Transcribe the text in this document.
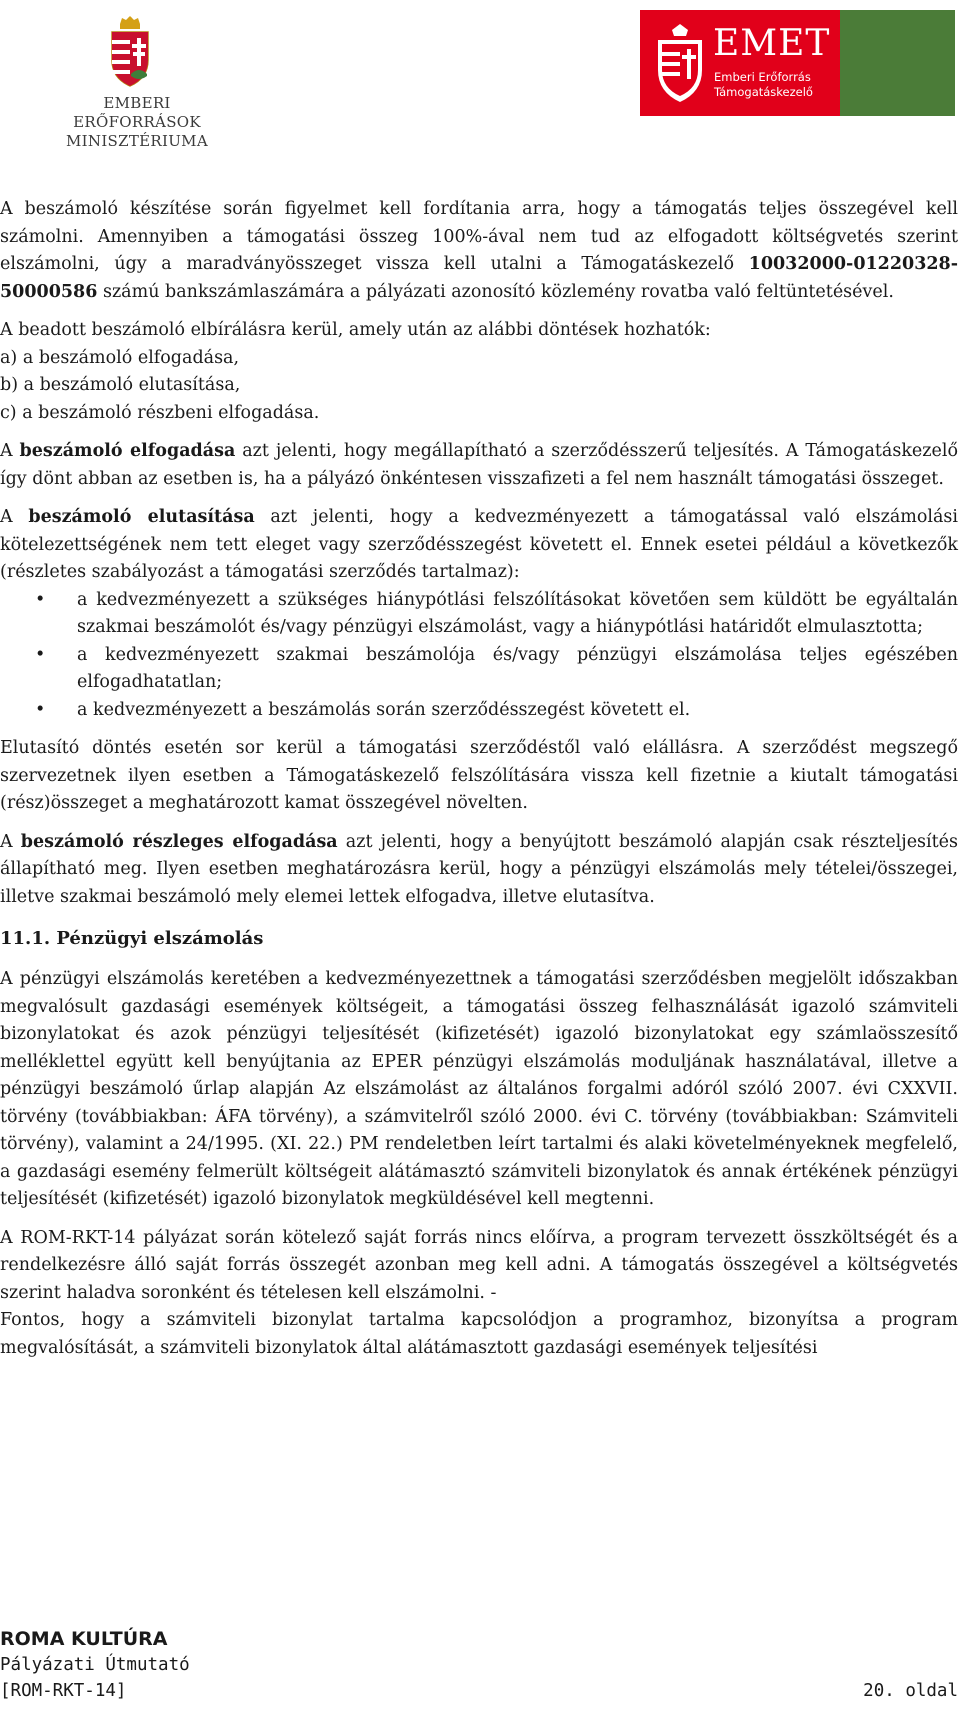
EMBERI ERŐFORRÁSOK
MINISZTÉRIUMA
EMET
Emberi Erőforrás
Támogatáskezelő

A beszámoló készítése során figyelmet kell fordítania arra, hogy a támogatás teljes összegével kell számolni. Amennyiben a támogatási összeg 100%-ával nem tud az elfogadott költségvetés szerint elszámolni, úgy a maradványösszeget vissza kell utalni a Támogatáskezelő 10032000-01220328-50000586 számú bankszámlaszámára a pályázati azonosító közlemény rovatba való feltüntetésével.

A beadott beszámoló elbírálásra kerül, amely után az alábbi döntések hozhatók:

a) a beszámoló elfogadása,

b) a beszámoló elutasítása,

c) a beszámoló részbeni elfogadása.

A beszámoló elfogadása azt jelenti, hogy megállapítható a szerződésszerű teljesítés. A Támogatáskezelő így dönt abban az esetben is, ha a pályázó önkéntesen visszafizeti a fel nem használt támogatási összeget.

A beszámoló elutasítása azt jelenti, hogy a kedvezményezett a támogatással való elszámolási kötelezettségének nem tett eleget vagy szerződésszegést követett el. Ennek esetei például a következők (részletes szabályozást a támogatási szerződés tartalmaz):

• a kedvezményezett a szükséges hiánypótlási felszólításokat követően sem küldött be egyáltalán szakmai beszámolót és/vagy pénzügyi elszámolást, vagy a hiánypótlási határidőt elmulasztotta;
• a kedvezményezett szakmai beszámolója és/vagy pénzügyi elszámolása teljes egészében elfogadhatatlan;
• a kedvezményezett a beszámolás során szerződésszegést követett el.

Elutasító döntés esetén sor kerül a támogatási szerződéstől való elállásra. A szerződést megszegő szervezetnek ilyen esetben a Támogatáskezelő felszólítására vissza kell fizetnie a kiutalt támogatási (rész)összeget a meghatározott kamat összegével növelten.

A beszámoló részleges elfogadása azt jelenti, hogy a benyújtott beszámoló alapján csak részteljesítés állapítható meg. Ilyen esetben meghatározásra kerül, hogy a pénzügyi elszámolás mely tételei/összegei, illetve szakmai beszámoló mely elemei lettek elfogadva, illetve elutasítva.

11.1. Pénzügyi elszámolás

A pénzügyi elszámolás keretében a kedvezményezettnek a támogatási szerződésben megjelölt időszakban megvalósult gazdasági események költségeit, a támogatási összeg felhasználását igazoló számviteli bizonylatokat és azok pénzügyi teljesítését (kifizetését) igazoló bizonylatokat egy számlaösszesítő melléklettel együtt kell benyújtania az EPER pénzügyi elszámolás moduljának használatával, illetve a pénzügyi beszámoló űrlap alapján Az elszámolást az általános forgalmi adóról szóló 2007. évi CXXVII. törvény (továbbiakban: ÁFA törvény), a számvitelről szóló 2000. évi C. törvény (továbbiakban: Számviteli törvény), valamint a 24/1995. (XI. 22.) PM rendeletben leírt tartalmi és alaki követelményeknek megfelelő, a gazdasági esemény felmerült költségeit alátámasztó számviteli bizonylatok és annak értékének pénzügyi teljesítését (kifizetését) igazoló bizonylatok megküldésével kell megtenni.

A ROM-RKT-14 pályázat során kötelező saját forrás nincs előírva, a program tervezett összköltségét és a rendelkezésre álló saját forrás összegét azonban meg kell adni. A támogatás összegével a költségvetés szerint haladva soronként és tételesen kell elszámolni. -

Fontos, hogy a számviteli bizonylat tartalma kapcsolódjon a programhoz, bizonyítsa a program megvalósítását, a számviteli bizonylatok által alátámasztott gazdasági események teljesítési

ROMA KULTÚRA
Pályázati Útmutató
[ROM-RKT-14]	20. oldal
